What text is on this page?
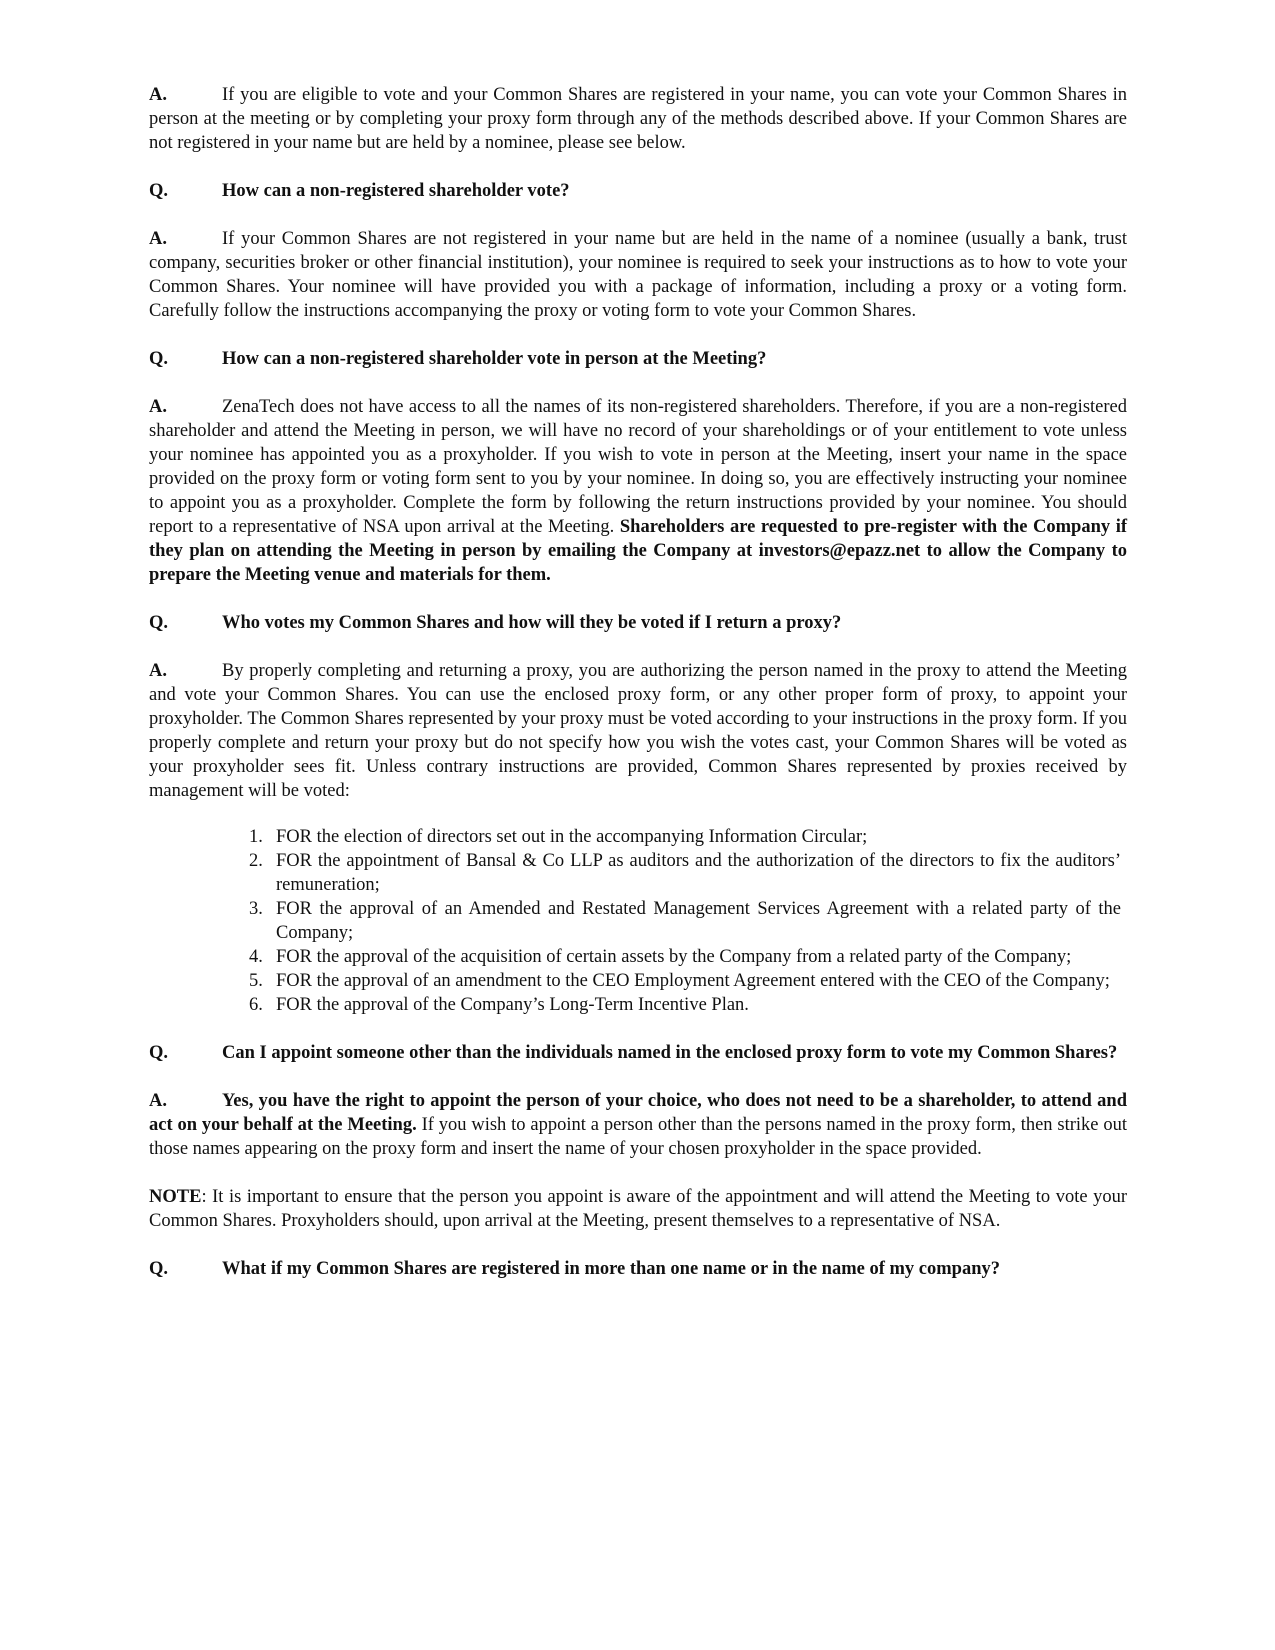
A.	If you are eligible to vote and your Common Shares are registered in your name, you can vote your Common Shares in person at the meeting or by completing your proxy form through any of the methods described above. If your Common Shares are not registered in your name but are held by a nominee, please see below.

Q.	How can a non-registered shareholder vote?

A.	If your Common Shares are not registered in your name but are held in the name of a nominee (usually a bank, trust company, securities broker or other financial institution), your nominee is required to seek your instructions as to how to vote your Common Shares. Your nominee will have provided you with a package of information, including a proxy or a voting form. Carefully follow the instructions accompanying the proxy or voting form to vote your Common Shares.

Q.	How can a non-registered shareholder vote in person at the Meeting?

A.	ZenaTech does not have access to all the names of its non-registered shareholders. Therefore, if you are a non-registered shareholder and attend the Meeting in person, we will have no record of your shareholdings or of your entitlement to vote unless your nominee has appointed you as a proxyholder. If you wish to vote in person at the Meeting, insert your name in the space provided on the proxy form or voting form sent to you by your nominee. In doing so, you are effectively instructing your nominee to appoint you as a proxyholder. Complete the form by following the return instructions provided by your nominee. You should report to a representative of NSA upon arrival at the Meeting. Shareholders are requested to pre-register with the Company if they plan on attending the Meeting in person by emailing the Company at investors@epazz.net to allow the Company to prepare the Meeting venue and materials for them.

Q.	Who votes my Common Shares and how will they be voted if I return a proxy?

A.	By properly completing and returning a proxy, you are authorizing the person named in the proxy to attend the Meeting and vote your Common Shares. You can use the enclosed proxy form, or any other proper form of proxy, to appoint your proxyholder. The Common Shares represented by your proxy must be voted according to your instructions in the proxy form. If you properly complete and return your proxy but do not specify how you wish the votes cast, your Common Shares will be voted as your proxyholder sees fit. Unless contrary instructions are provided, Common Shares represented by proxies received by management will be voted:

1. FOR the election of directors set out in the accompanying Information Circular;
2. FOR the appointment of Bansal & Co LLP as auditors and the authorization of the directors to fix the auditors’ remuneration;
3. FOR the approval of an Amended and Restated Management Services Agreement with a related party of the Company;
4. FOR the approval of the acquisition of certain assets by the Company from a related party of the Company;
5. FOR the approval of an amendment to the CEO Employment Agreement entered with the CEO of the Company;
6. FOR the approval of the Company’s Long-Term Incentive Plan.
Q.	Can I appoint someone other than the individuals named in the enclosed proxy form to vote my Common Shares?

A.	Yes, you have the right to appoint the person of your choice, who does not need to be a shareholder, to attend and act on your behalf at the Meeting. If you wish to appoint a person other than the persons named in the proxy form, then strike out those names appearing on the proxy form and insert the name of your chosen proxyholder in the space provided.

NOTE: It is important to ensure that the person you appoint is aware of the appointment and will attend the Meeting to vote your Common Shares. Proxyholders should, upon arrival at the Meeting, present themselves to a representative of NSA.

Q.	What if my Common Shares are registered in more than one name or in the name of my company?
